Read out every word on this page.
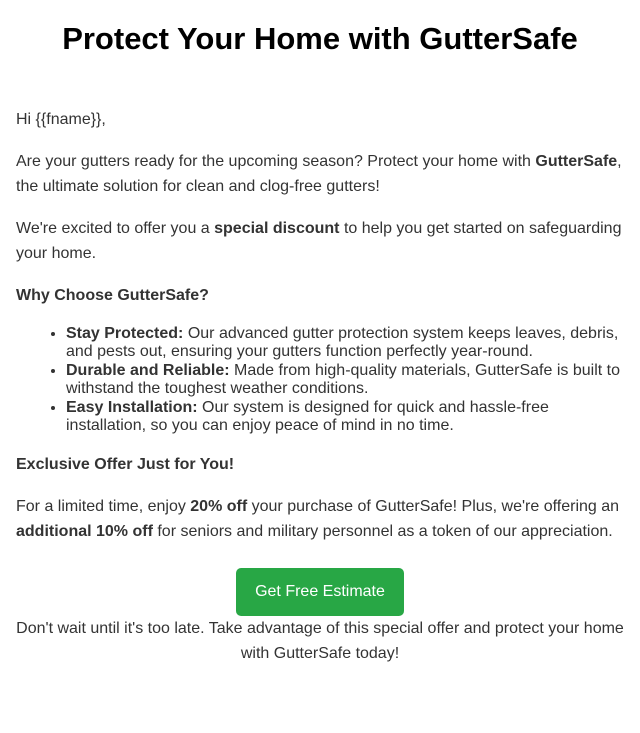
Protect Your Home with GutterSafe

Hi {{fname}},

Are your gutters ready for the upcoming season? Protect your home with GutterSafe, the ultimate solution for clean and clog-free gutters!

We're excited to offer you a special discount to help you get started on safeguarding your home.

Why Choose GutterSafe?

• Stay Protected: Our advanced gutter protection system keeps leaves, debris, and pests out, ensuring your gutters function perfectly year-round.
• Durable and Reliable: Made from high-quality materials, GutterSafe is built to withstand the toughest weather conditions.
• Easy Installation: Our system is designed for quick and hassle-free installation, so you can enjoy peace of mind in no time.

Exclusive Offer Just for You!

For a limited time, enjoy 20% off your purchase of GutterSafe! Plus, we're offering an additional 10% off for seniors and military personnel as a token of our appreciation.

Get Free Estimate

Don't wait until it's too late. Take advantage of this special offer and protect your home with GutterSafe today!
